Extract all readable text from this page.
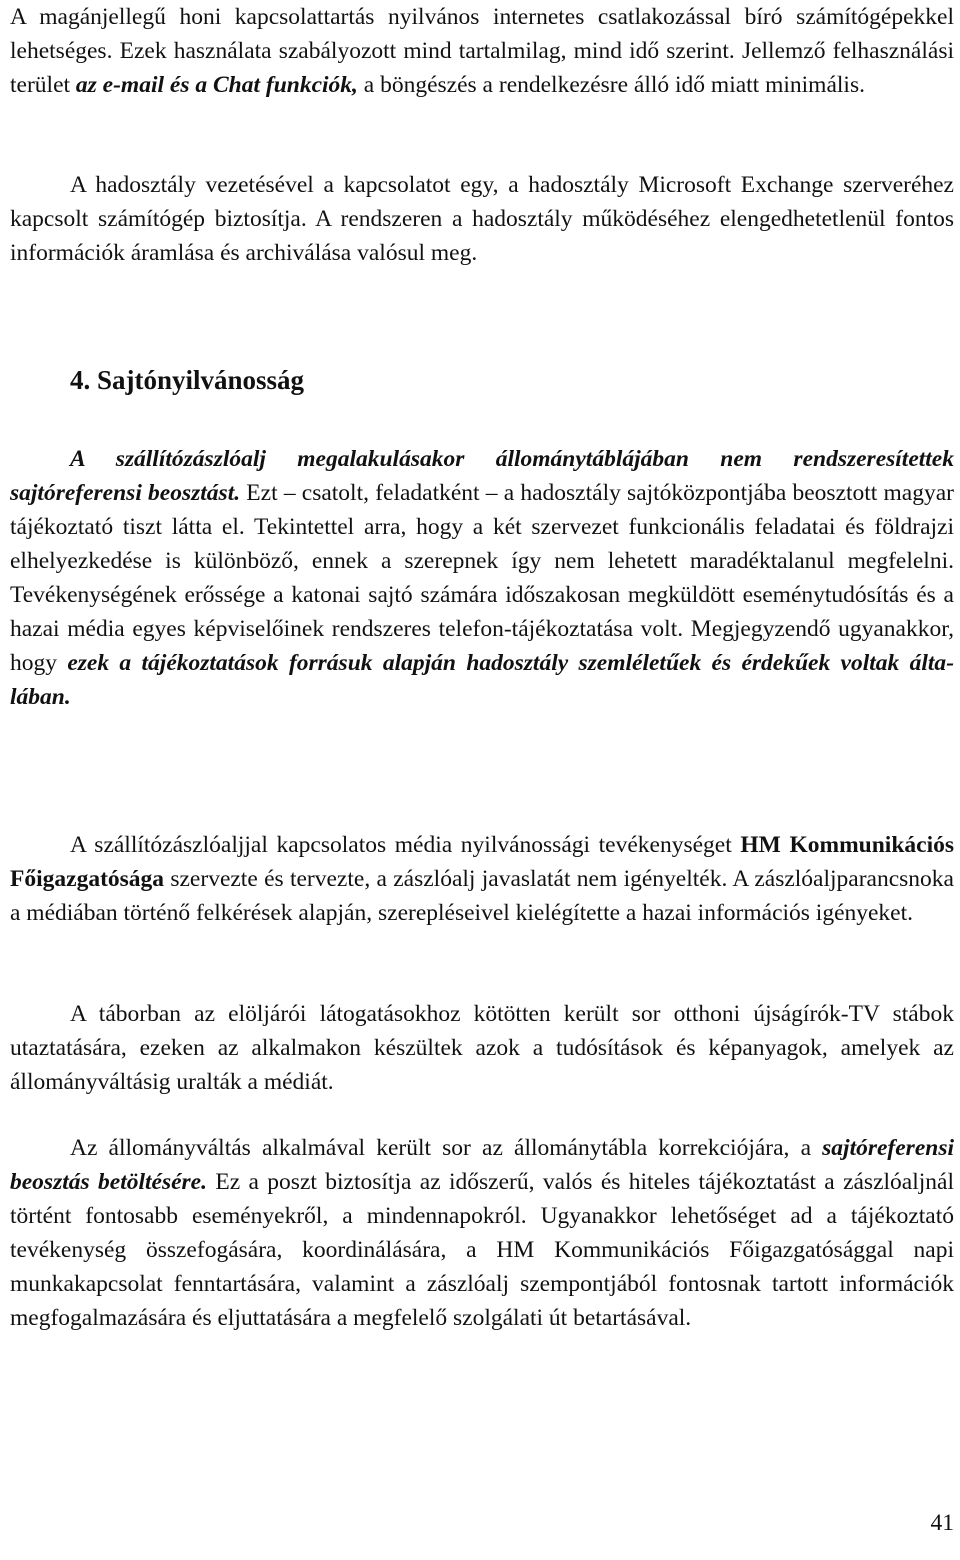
A magánjellegű honi kapcsolattartás nyilvános internetes csatlakozással bíró számítógépekkel lehetséges. Ezek használata szabályozott mind tartalmilag, mind idő szerint. Jellemző felhasználási terület az e-mail és a Chat funkciók, a böngészés a rendelkezésre álló idő miatt minimális.

A hadosztály vezetésével a kapcsolatot egy, a hadosztály Microsoft Exchange szerveréhez kapcsolt számítógép biztosítja. A rendszeren a hadosztály működéséhez elengedhetetlenül fontos információk áramlása és archiválása valósul meg.

4. Sajtónyilvánosság

A szállítózászlóalj megalakulásakor állománytáblájában nem rendszeresítettek sajtóreferensi beosztást. Ezt – csatolt, feladatként – a hadosztály sajtóközpontjába beosztott magyar tájékoztató tiszt látta el. Tekintettel arra, hogy a két szervezet funkcionális feladatai és földrajzi elhelyezkedése is különböző, ennek a szerepnek így nem lehetett maradéktalanul megfelelni. Tevékenységének erőssége a katonai sajtó számára időszakosan megküldött eseménytudósítás és a hazai média egyes képviselőinek rendszeres telefon-tájékoztatása volt. Megjegyzendő ugyanakkor, hogy ezek a tájékoztatások forrásuk alapján hadosztály szemléletűek és érdekűek voltak általában.

A szállítózászlóaljjal kapcsolatos média nyilvánossági tevékenységet HM Kommunikációs Főigazgatósága szervezte és tervezte, a zászlóalj javaslatát nem igényelték. A zászlóaljparancsnoka a médiában történő felkérések alapján, szerepléseivel kielégítette a hazai információs igényeket.

A táborban az elöljárói látogatásokhoz kötötten került sor otthoni újságírók-TV stábok utaztatására, ezeken az alkalmakon készültek azok a tudósítások és képanyagok, amelyek az állományváltásig uralták a médiát.

Az állományváltás alkalmával került sor az állománytábla korrekciójára, a sajtóreferensi beosztás betöltésére. Ez a poszt biztosítja az időszerű, valós és hiteles tájékoztatást a zászlóaljnál történt fontosabb eseményekről, a mindennapokról. Ugyanakkor lehetőséget ad a tájékoztató tevékenység összefogására, koordinálására, a HM Kommunikációs Főigazgatósággal napi munkakapcsolat fenntartására, valamint a zászlóalj szempontjából fontosnak tartott információk megfogalmazására és eljuttatására a megfelelő szolgálati út betartásával.

41
